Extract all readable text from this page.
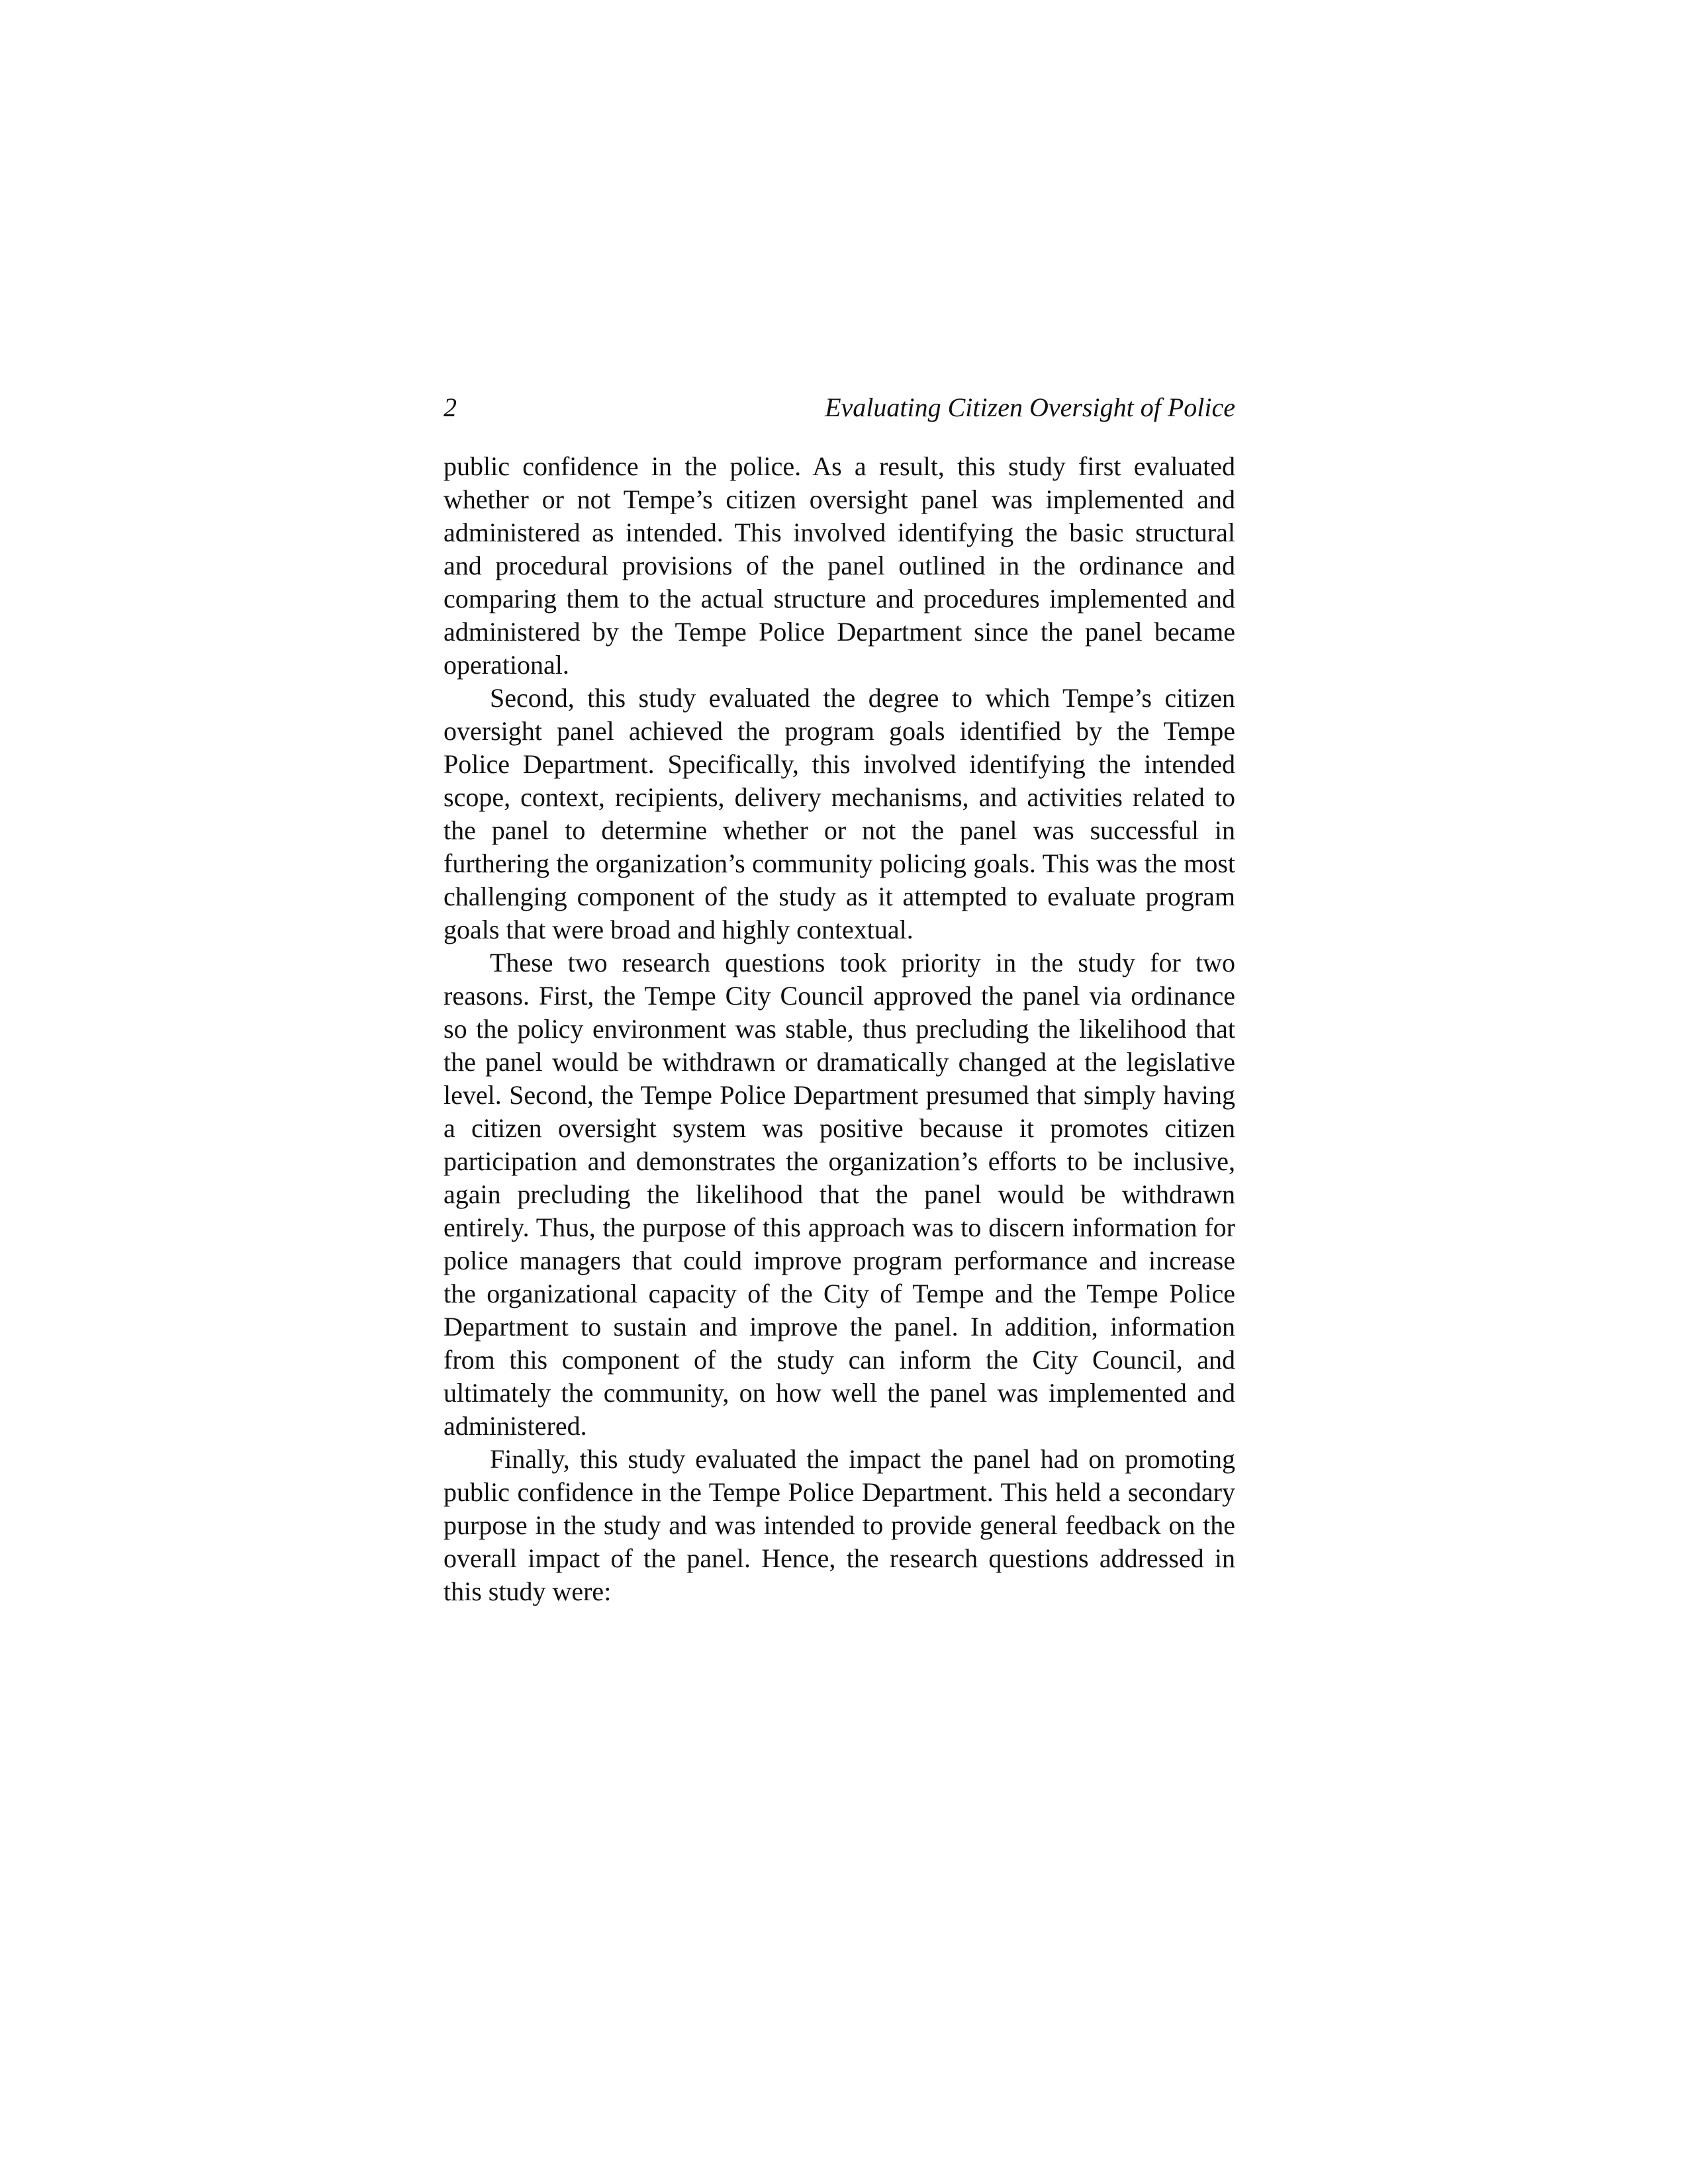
2	Evaluating Citizen Oversight of Police

public confidence in the police. As a result, this study first evaluated whether or not Tempe’s citizen oversight panel was implemented and administered as intended. This involved identifying the basic structural and procedural provisions of the panel outlined in the ordinance and comparing them to the actual structure and procedures implemented and administered by the Tempe Police Department since the panel became operational.

Second, this study evaluated the degree to which Tempe’s citizen oversight panel achieved the program goals identified by the Tempe Police Department. Specifically, this involved identifying the intended scope, context, recipients, delivery mechanisms, and activities related to the panel to determine whether or not the panel was successful in furthering the organization’s community policing goals. This was the most challenging component of the study as it attempted to evaluate program goals that were broad and highly contextual.

These two research questions took priority in the study for two reasons. First, the Tempe City Council approved the panel via ordinance so the policy environment was stable, thus precluding the likelihood that the panel would be withdrawn or dramatically changed at the legislative level. Second, the Tempe Police Department presumed that simply having a citizen oversight system was positive because it promotes citizen participation and demonstrates the organization’s efforts to be inclusive, again precluding the likelihood that the panel would be withdrawn entirely. Thus, the purpose of this approach was to discern information for police managers that could improve program performance and increase the organizational capacity of the City of Tempe and the Tempe Police Department to sustain and improve the panel. In addition, information from this component of the study can inform the City Council, and ultimately the community, on how well the panel was implemented and administered.

Finally, this study evaluated the impact the panel had on promoting public confidence in the Tempe Police Department. This held a secondary purpose in the study and was intended to provide general feedback on the overall impact of the panel. Hence, the research questions addressed in this study were:
